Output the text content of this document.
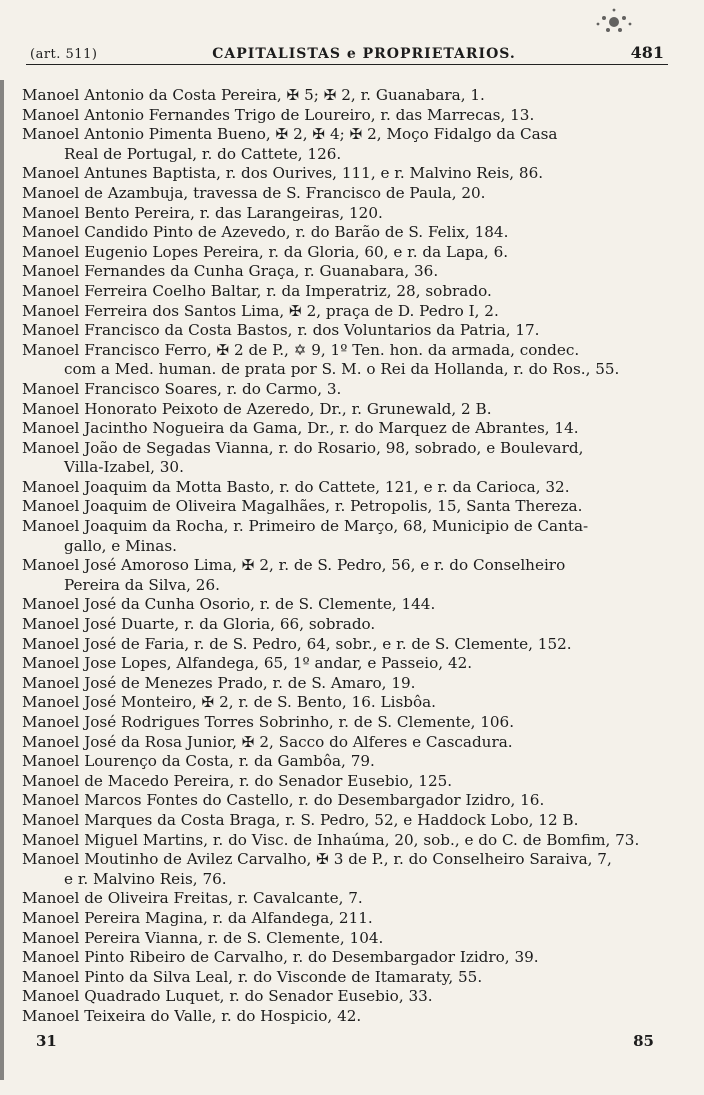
(art. 511)	CAPITALISTAS e PROPRIETARIOS.	481
Manoel Antonio da Costa Pereira, ✠ 5; ✠ 2, r. Guanabara, 1.
Manoel Antonio Fernandes Trigo de Loureiro, r. das Marrecas, 13.
Manoel Antonio Pimenta Bueno, ✠ 2, ✠ 4; ✠ 2, Moço Fidalgo da Casa
Real de Portugal, r. do Cattete, 126.
Manoel Antunes Baptista, r. dos Ourives, 111, e r. Malvino Reis, 86.
Manoel de Azambuja, travessa de S. Francisco de Paula, 20.
Manoel Bento Pereira, r. das Larangeiras, 120.
Manoel Candido Pinto de Azevedo, r. do Barão de S. Felix, 184.
Manoel Eugenio Lopes Pereira, r. da Gloria, 60, e r. da Lapa, 6.
Manoel Fernandes da Cunha Graça, r. Guanabara, 36.
Manoel Ferreira Coelho Baltar, r. da Imperatriz, 28, sobrado.
Manoel Ferreira dos Santos Lima, ✠ 2, praça de D. Pedro I, 2.
Manoel Francisco da Costa Bastos, r. dos Voluntarios da Patria, 17.
Manoel Francisco Ferro, ✠ 2 de P., ✡ 9, 1º Ten. hon. da armada, condec.
com a Med. human. de prata por S. M. o Rei da Hollanda, r. do Ros., 55.
Manoel Francisco Soares, r. do Carmo, 3.
Manoel Honorato Peixoto de Azeredo, Dr., r. Grunewald, 2 B.
Manoel Jacintho Nogueira da Gama, Dr., r. do Marquez de Abrantes, 14.
Manoel João de Segadas Vianna, r. do Rosario, 98, sobrado, e Boulevard,
Villa-Izabel, 30.
Manoel Joaquim da Motta Basto, r. do Cattete, 121, e r. da Carioca, 32.
Manoel Joaquim de Oliveira Magalhães, r. Petropolis, 15, Santa Thereza.
Manoel Joaquim da Rocha, r. Primeiro de Março, 68, Municipio de Canta-
gallo, e Minas.
Manoel José Amoroso Lima, ✠ 2, r. de S. Pedro, 56, e r. do Conselheiro
Pereira da Silva, 26.
Manoel José da Cunha Osorio, r. de S. Clemente, 144.
Manoel José Duarte, r. da Gloria, 66, sobrado.
Manoel José de Faria, r. de S. Pedro, 64, sobr., e r. de S. Clemente, 152.
Manoel Jose Lopes, Alfandega, 65, 1º andar, e Passeio, 42.
Manoel José de Menezes Prado, r. de S. Amaro, 19.
Manoel José Monteiro, ✠ 2, r. de S. Bento, 16. Lisbôa.
Manoel José Rodrigues Torres Sobrinho, r. de S. Clemente, 106.
Manoel José da Rosa Junior, ✠ 2, Sacco do Alferes e Cascadura.
Manoel Lourenço da Costa, r. da Gambôa, 79.
Manoel de Macedo Pereira, r. do Senador Eusebio, 125.
Manoel Marcos Fontes do Castello, r. do Desembargador Izidro, 16.
Manoel Marques da Costa Braga, r. S. Pedro, 52, e Haddock Lobo, 12 B.
Manoel Miguel Martins, r. do Visc. de Inhaúma, 20, sob., e do C. de Bomfim, 73.
Manoel Moutinho de Avilez Carvalho, ✠ 3 de P., r. do Conselheiro Saraiva, 7,
e r. Malvino Reis, 76.
Manoel de Oliveira Freitas, r. Cavalcante, 7.
Manoel Pereira Magina, r. da Alfandega, 211.
Manoel Pereira Vianna, r. de S. Clemente, 104.
Manoel Pinto Ribeiro de Carvalho, r. do Desembargador Izidro, 39.
Manoel Pinto da Silva Leal, r. do Visconde de Itamaraty, 55.
Manoel Quadrado Luquet, r. do Senador Eusebio, 33.
Manoel Teixeira do Valle, r. do Hospicio, 42.
31	85
